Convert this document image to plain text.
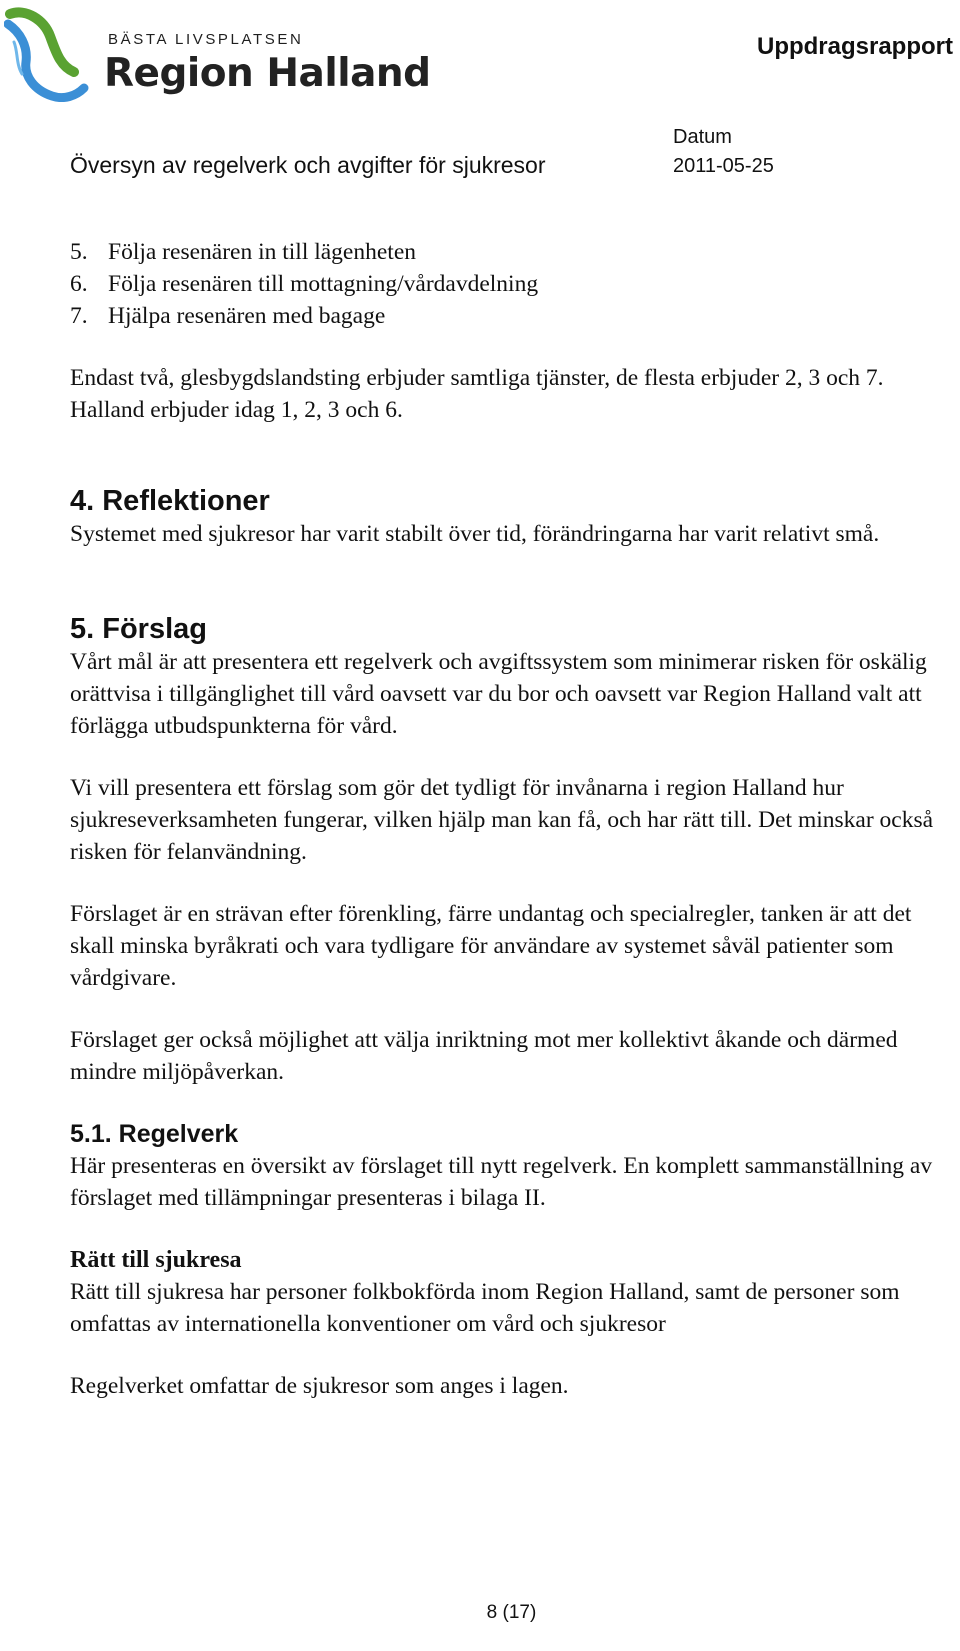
BÄSTA LIVSPLATSEN
Region Halland
Uppdragsrapport
Översyn av regelverk och avgifter för sjukresor
Datum
2011-05-25
5. Följa resenären in till lägenheten
6. Följa resenären till mottagning/vårdavdelning
7. Hjälpa resenären med bagage

Endast två, glesbygdslandsting erbjuder samtliga tjänster, de flesta erbjuder 2, 3 och 7. Halland erbjuder idag 1, 2, 3 och 6.

4. Reflektioner

Systemet med sjukresor har varit stabilt över tid, förändringarna har varit relativt små.

5. Förslag

Vårt mål är att presentera ett regelverk och avgiftssystem som minimerar risken för oskälig orättvisa i tillgänglighet till vård oavsett var du bor och oavsett var Region Halland valt att förlägga utbudspunkterna för vård.

Vi vill presentera ett förslag som gör det tydligt för invånarna i region Halland hur sjukreseverksamheten fungerar, vilken hjälp man kan få, och har rätt till. Det minskar också risken för felanvändning.

Förslaget är en strävan efter förenkling, färre undantag och specialregler, tanken är att det skall minska byråkrati och vara tydligare för användare av systemet såväl patienter som vårdgivare.

Förslaget ger också möjlighet att välja inriktning mot mer kollektivt åkande och därmed mindre miljöpåverkan.

5.1. Regelverk

Här presenteras en översikt av förslaget till nytt regelverk. En komplett sammanställning av förslaget med tillämpningar presenteras i bilaga II.

Rätt till sjukresa

Rätt till sjukresa har personer folkbokförda inom Region Halland, samt de personer som omfattas av internationella konventioner om vård och sjukresor

Regelverket omfattar de sjukresor som anges i lagen.

8 (17)
